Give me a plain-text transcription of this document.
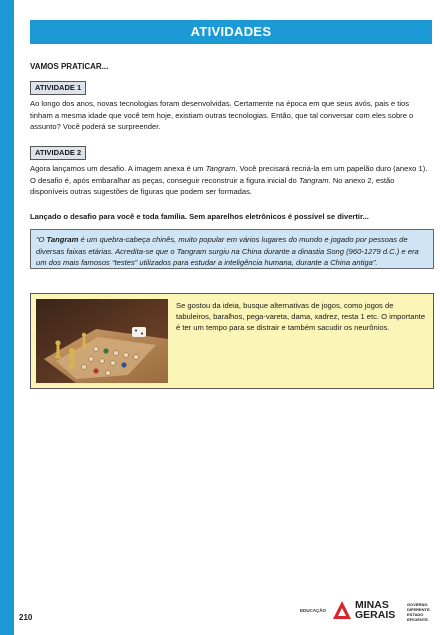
ATIVIDADES
VAMOS PRATICAR...
ATIVIDADE 1
Ao longo dos anos, novas tecnologias foram desenvolvidas. Certamente na época em que seus avós, pais e tios tinham a mesma idade que você tem hoje, existiam outras tecnologias. Então, que tal conversar com eles sobre o assunto? Você poderá se surpreender.
ATIVIDADE 2
Agora lançamos um desafio. A imagem anexa é um Tangram. Você precisará recriá-la em um papelão duro (anexo 1). O desafio é, após embaralhar as peças, conseguir reconstruir a figura inicial do Tangram. No anexo 2, estão disponíveis outras sugestões de figuras que podem ser formadas.
Lançado o desafio para você e toda família. Sem aparelhos eletrônicos é possível se divertir...
“O Tangram é um quebra-cabeça chinês, muito popular em vários lugares do mundo e jogado por pessoas de diversas faixas etárias. Acredita-se que o Tangram surgiu na China durante a dinastia Song (960-1279 d.C.) e era um dos mais famosos “testes” utilizados para estudar a inteligência humana, durante a China antiga”.
Se gostou da ideia, busque alternativas de jogos, como jogos de tabuleiros, baralhos, pega-vareta, dama, xadrez, resta 1 etc. O importante é ter um tempo para se distrair e também sacudir os neurônios.
210
EDUCAÇÃO	MINAS
GERAIS
GOVERNO
DIFERENTE.
ESTADO
EFICIENTE.
